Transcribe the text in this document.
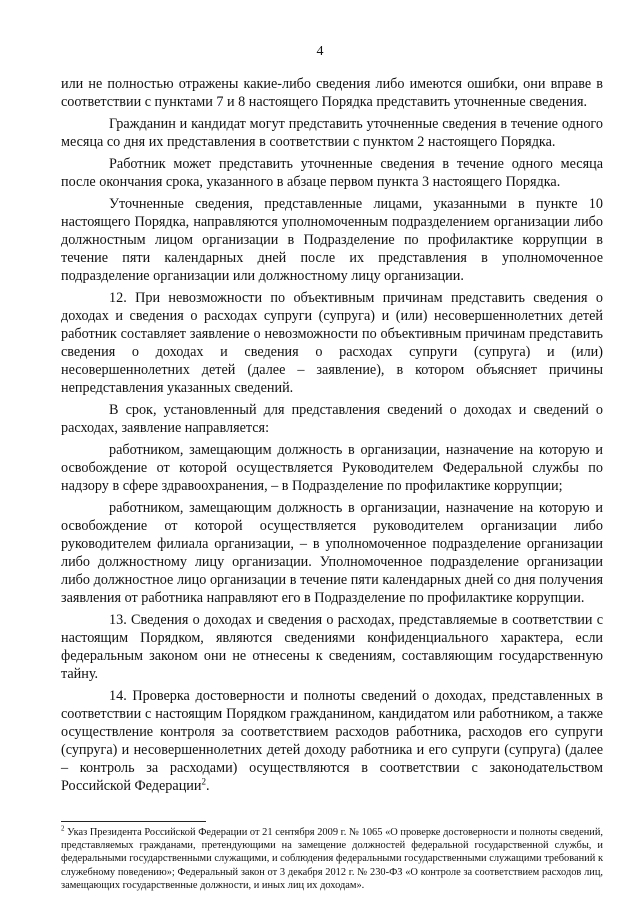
4

или не полностью отражены какие-либо сведения либо имеются ошибки, они вправе в соответствии с пунктами 7 и 8 настоящего Порядка представить уточненные сведения.

Гражданин и кандидат могут представить уточненные сведения в течение одного месяца со дня их представления в соответствии с пунктом 2 настоящего Порядка.

Работник может представить уточненные сведения в течение одного месяца после окончания срока, указанного в абзаце первом пункта 3 настоящего Порядка.

Уточненные сведения, представленные лицами, указанными в пункте 10 настоящего Порядка, направляются уполномоченным подразделением организации либо должностным лицом организации в Подразделение по профилактике коррупции в течение пяти календарных дней после их представления в уполномоченное подразделение организации или должностному лицу организации.

12. При невозможности по объективным причинам представить сведения о доходах и сведения о расходах супруги (супруга) и (или) несовершеннолетних детей работник составляет заявление о невозможности по объективным причинам представить сведения о доходах и сведения о расходах супруги (супруга) и (или) несовершеннолетних детей (далее – заявление), в котором объясняет причины непредставления указанных сведений.

В срок, установленный для представления сведений о доходах и сведений о расходах, заявление направляется:

работником, замещающим должность в организации, назначение на которую и освобождение от которой осуществляется Руководителем Федеральной службы по надзору в сфере здравоохранения, – в Подразделение по профилактике коррупции;

работником, замещающим должность в организации, назначение на которую и освобождение от которой осуществляется руководителем организации либо руководителем филиала организации, – в уполномоченное подразделение организации либо должностному лицу организации. Уполномоченное подразделение организации либо должностное лицо организации в течение пяти календарных дней со дня получения заявления от работника направляют его в Подразделение по профилактике коррупции.

13. Сведения о доходах и сведения о расходах, представляемые в соответствии с настоящим Порядком, являются сведениями конфиденциального характера, если федеральным законом они не отнесены к сведениям, составляющим государственную тайну.

14. Проверка достоверности и полноты сведений о доходах, представленных в соответствии с настоящим Порядком гражданином, кандидатом или работником, а также осуществление контроля за соответствием расходов работника, расходов его супруги (супруга) и несовершеннолетних детей доходу работника и его супруги (супруга) (далее – контроль за расходами) осуществляются в соответствии с законодательством Российской Федерации$^2$.

$^2$ Указ Президента Российской Федерации от 21 сентября 2009 г. № 1065 «О проверке достоверности и полноты сведений, представляемых гражданами, претендующими на замещение должностей федеральной государственной службы, и федеральными государственными служащими, и соблюдения федеральными государственными служащими требований к служебному поведению»; Федеральный закон от 3 декабря 2012 г. № 230-ФЗ «О контроле за соответствием расходов лиц, замещающих государственные должности, и иных лиц их доходам».
